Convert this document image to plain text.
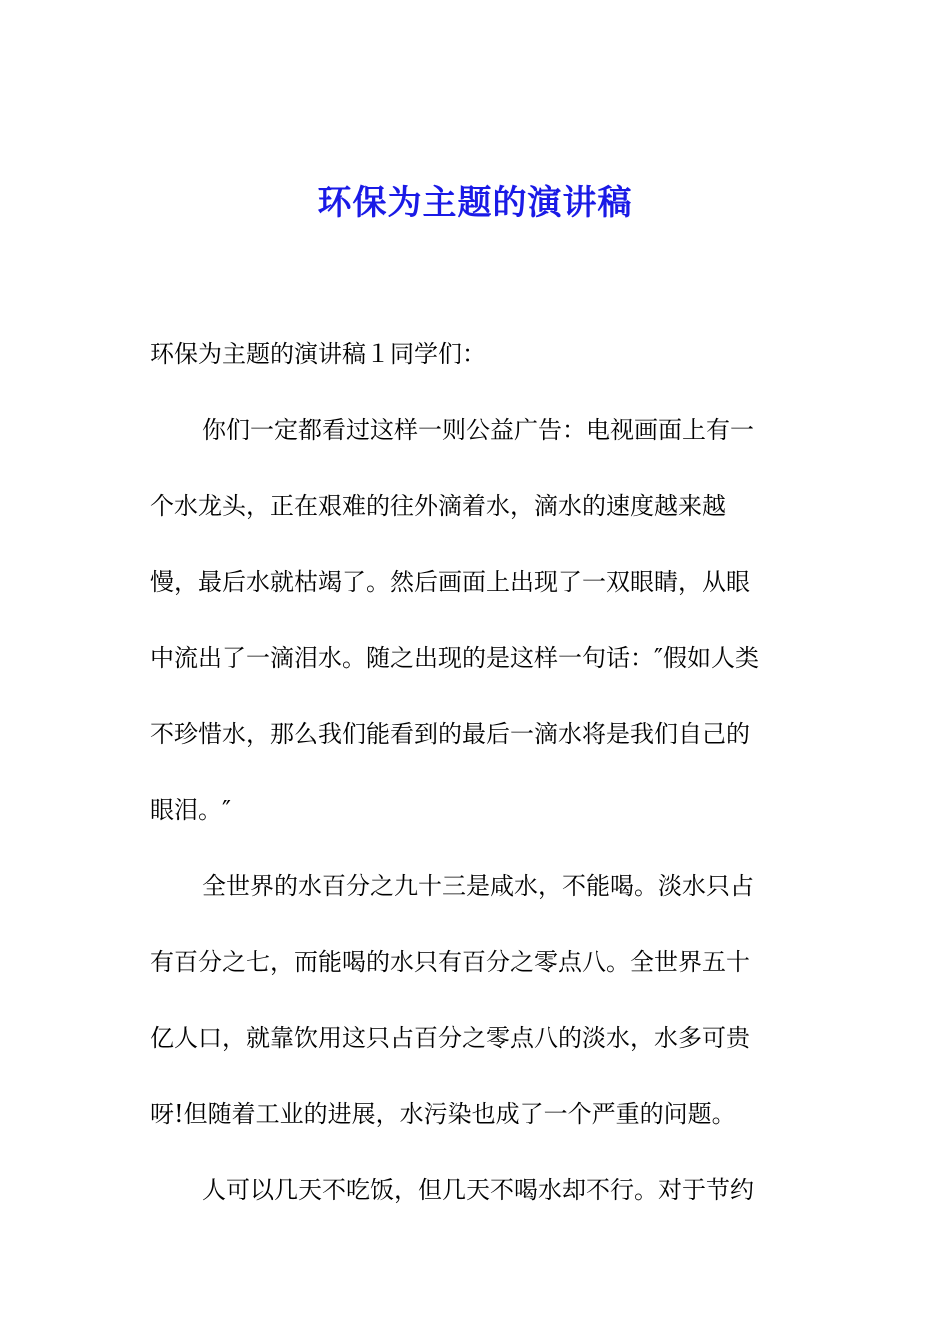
环保为主题的演讲稿
环保为主题的演讲稿１同学们：
你们一定都看过这样一则公益广告：电视画面上有一
个水龙头，正在艰难的往外滴着水，滴水的速度越来越
慢，最后水就枯竭了。然后画面上出现了一双眼睛，从眼
中流出了一滴泪水。随之出现的是这样一句话：″假如人类
不珍惜水，那么我们能看到的最后一滴水将是我们自己的
眼泪。″
全世界的水百分之九十三是咸水，不能喝。淡水只占
有百分之七，而能喝的水只有百分之零点八。全世界五十
亿人口，就靠饮用这只占百分之零点八的淡水，水多可贵
呀!但随着工业的进展，水污染也成了一个严重的问题。
人可以几天不吃饭，但几天不喝水却不行。对于节约
